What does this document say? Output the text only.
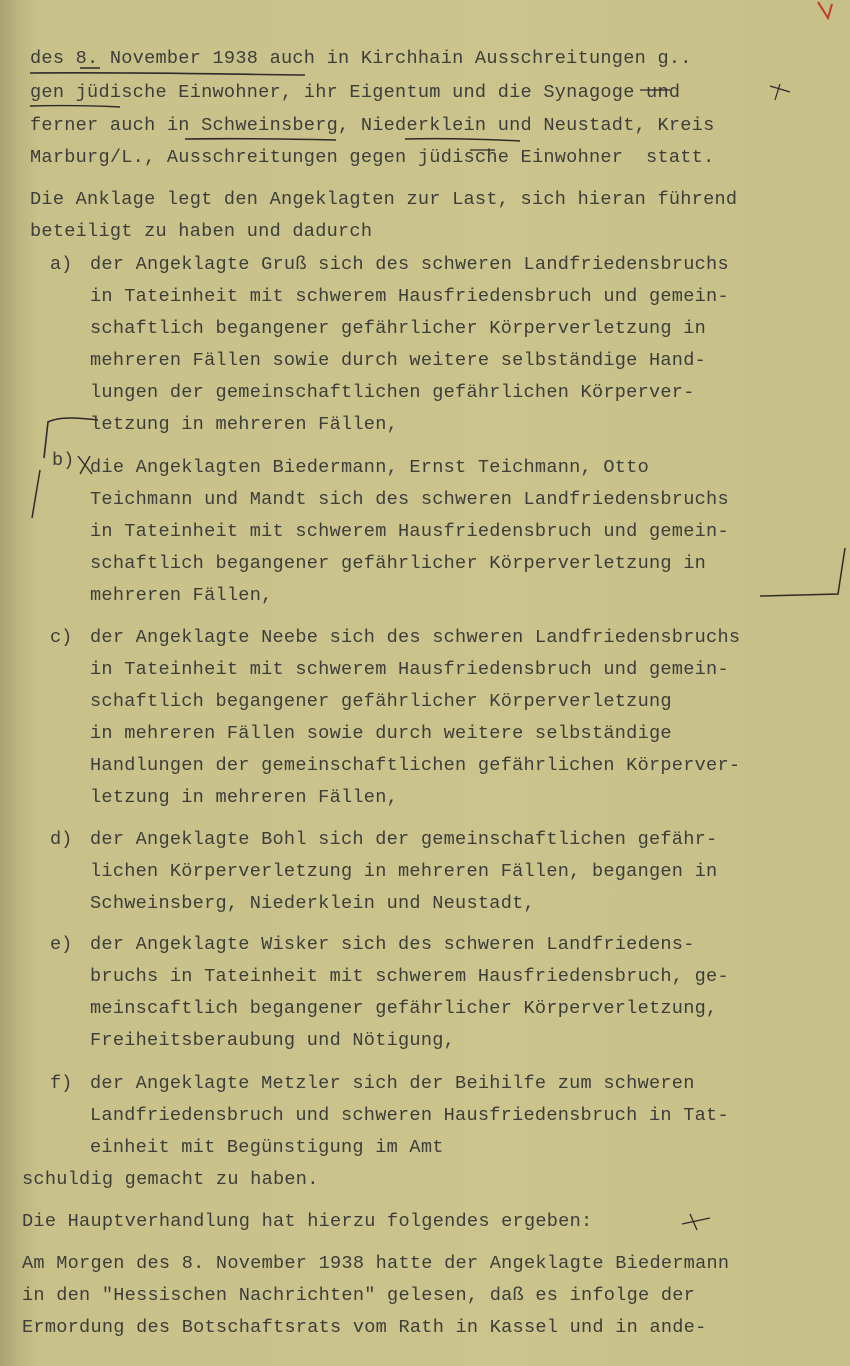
des 8. November 1938 auch in Kirchhain Ausschreitungen g..
gen jüdische Einwohner, ihr Eigentum und die Synagoge und
ferner auch in Schweinsberg, Niederklein und Neustadt, Kreis
Marburg/L., Ausschreitungen gegen jüdische Einwohner  statt.
Die Anklage legt den Angeklagten zur Last, sich hieran führend
beteiligt zu haben und dadurch
a) der Angeklagte Gruß sich des schweren Landfriedensbruchs
in Tateinheit mit schwerem Hausfriedensbruch und gemein-
schaftlich begangener gefährlicher Körperverletzung in
mehreren Fällen sowie durch weitere selbständige Hand-
lungen der gemeinschaftlichen gefährlichen Körperver-
letzung in mehreren Fällen,
b) die Angeklagten Biedermann, Ernst Teichmann, Otto
Teichmann und Mandt sich des schweren Landfriedensbruchs
in Tateinheit mit schwerem Hausfriedensbruch und gemein-
schaftlich begangener gefährlicher Körperverletzung in
mehreren Fällen,
c) der Angeklagte Neebe sich des schweren Landfriedensbruchs
in Tateinheit mit schwerem Hausfriedensbruch und gemein-
schaftlich begangener gefährlicher Körperverletzung
in mehreren Fällen sowie durch weitere selbständige
Handlungen der gemeinschaftlichen gefährlichen Körperver-
letzung in mehreren Fällen,
d) der Angeklagte Bohl sich der gemeinschaftlichen gefähr-
lichen Körperverletzung in mehreren Fällen, begangen in
Schweinsberg, Niederklein und Neustadt,
e) der Angeklagte Wisker sich des schweren Landfriedens-
bruchs in Tateinheit mit schwerem Hausfriedensbruch, ge-
meinscaftlich begangener gefährlicher Körperverletzung,
Freiheitsberaubung und Nötigung,
f) der Angeklagte Metzler sich der Beihilfe zum schweren
Landfriedensbruch und schweren Hausfriedensbruch in Tat-
einheit mit Begünstigung im Amt
schuldig gemacht zu haben.
Die Hauptverhandlung hat hierzu folgendes ergeben:
Am Morgen des 8. November 1938 hatte der Angeklagte Biedermann
in den "Hessischen Nachrichten" gelesen, daß es infolge der
Ermordung des Botschaftsrats vom Rath in Kassel und in ande-
